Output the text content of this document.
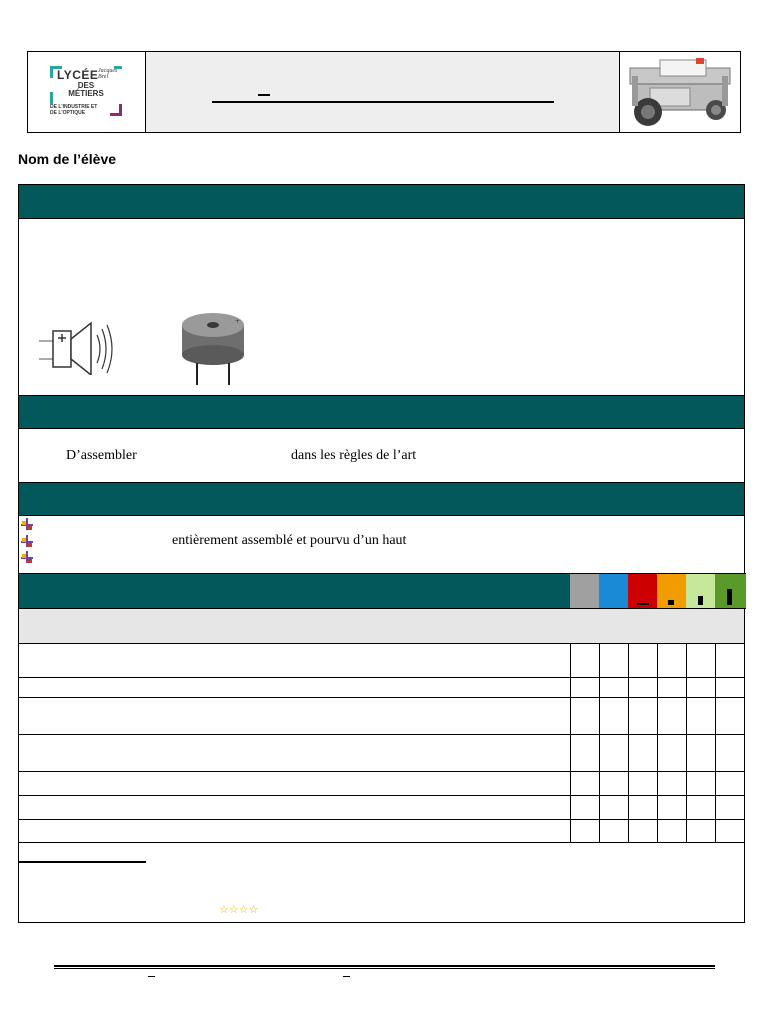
LYCÉE
DES MÉTIERS
DE L'INDUSTRIE ET DE L'OPTIQUE
Jacques Brel
Nom de l’élève
+
D’assembler	dans les règles de l’art
entièrement assemblé et pourvu d’un haut
☆☆☆☆
